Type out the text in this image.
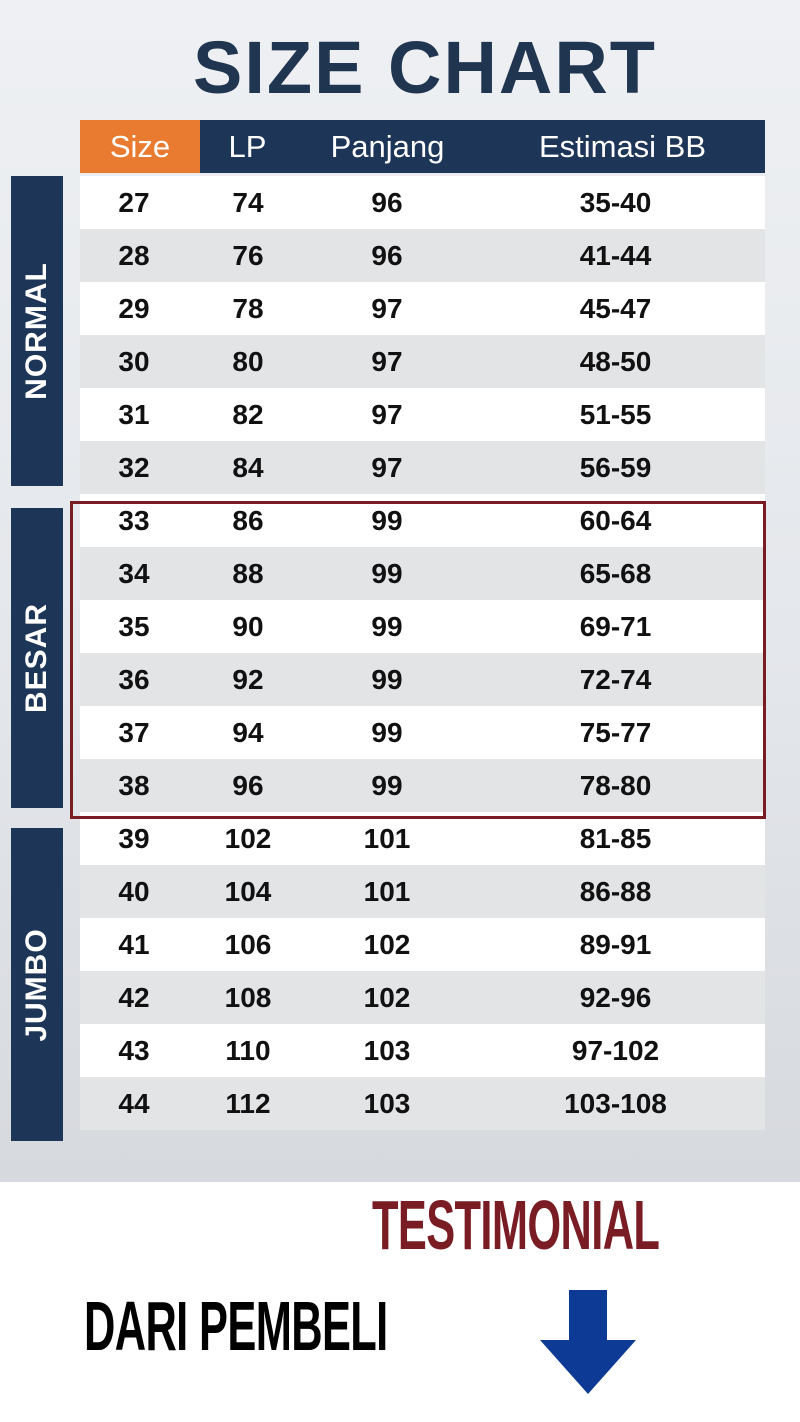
SIZE CHART
Size	LP	Panjang	Estimasi BB
NORMAL
BESAR
JUMBO
27	74	96	35-40
28	76	96	41-44
29	78	97	45-47
30	80	97	48-50
31	82	97	51-55
32	84	97	56-59
33	86	99	60-64
34	88	99	65-68
35	90	99	69-71
36	92	99	72-74
37	94	99	75-77
38	96	99	78-80
39	102	101	81-85
40	104	101	86-88
41	106	102	89-91
42	108	102	92-96
43	110	103	97-102
44	112	103	103-108
TESTIMONIAL
DARI PEMBELI
